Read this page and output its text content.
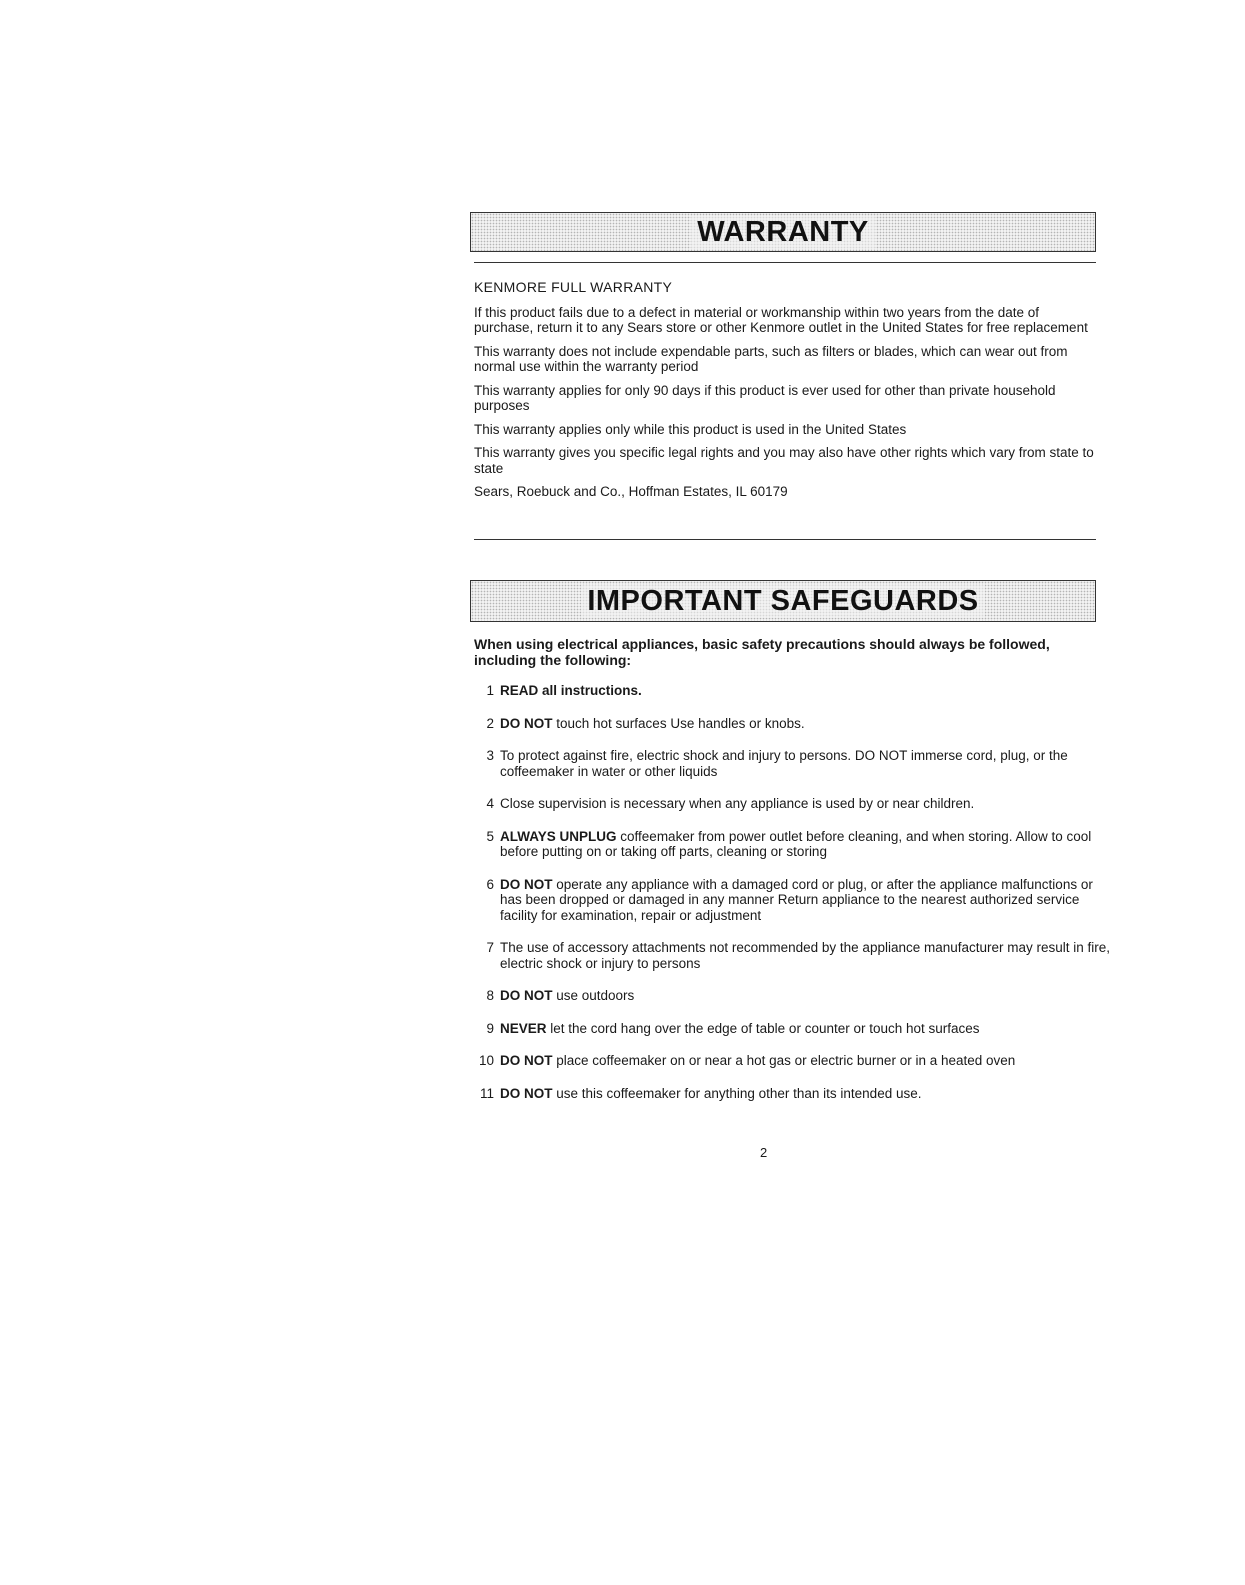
WARRANTY

KENMORE FULL WARRANTY

If this product fails due to a defect in material or workmanship within two years from the date of purchase, return it to any Sears store or other Kenmore outlet in the United States for free replacement

This warranty does not include expendable parts, such as filters or blades, which can wear out from normal use within the warranty period

This warranty applies for only 90 days if this product is ever used for other than private household purposes

This warranty applies only while this product is used in the United States

This warranty gives you specific legal rights and you may also have other rights which vary from state to state

Sears, Roebuck and Co., Hoffman Estates, IL 60179

IMPORTANT SAFEGUARDS

When using electrical appliances, basic safety precautions should always be followed, including the following:

1 READ all instructions.
2 DO NOT touch hot surfaces Use handles or knobs.
3 To protect against fire, electric shock and injury to persons. DO NOT immerse cord, plug, or the coffeemaker in water or other liquids
4 Close supervision is necessary when any appliance is used by or near children.
5 ALWAYS UNPLUG coffeemaker from power outlet before cleaning, and when storing. Allow to cool before putting on or taking off parts, cleaning or storing
6 DO NOT operate any appliance with a damaged cord or plug, or after the appliance malfunctions or has been dropped or damaged in any manner Return appliance to the nearest authorized service facility for examination, repair or adjustment
7 The use of accessory attachments not recommended by the appliance manufacturer may result in fire, electric shock or injury to persons
8 DO NOT use outdoors
9 NEVER let the cord hang over the edge of table or counter or touch hot surfaces
10 DO NOT place coffeemaker on or near a hot gas or electric burner or in a heated oven
11 DO NOT use this coffeemaker for anything other than its intended use.
2
